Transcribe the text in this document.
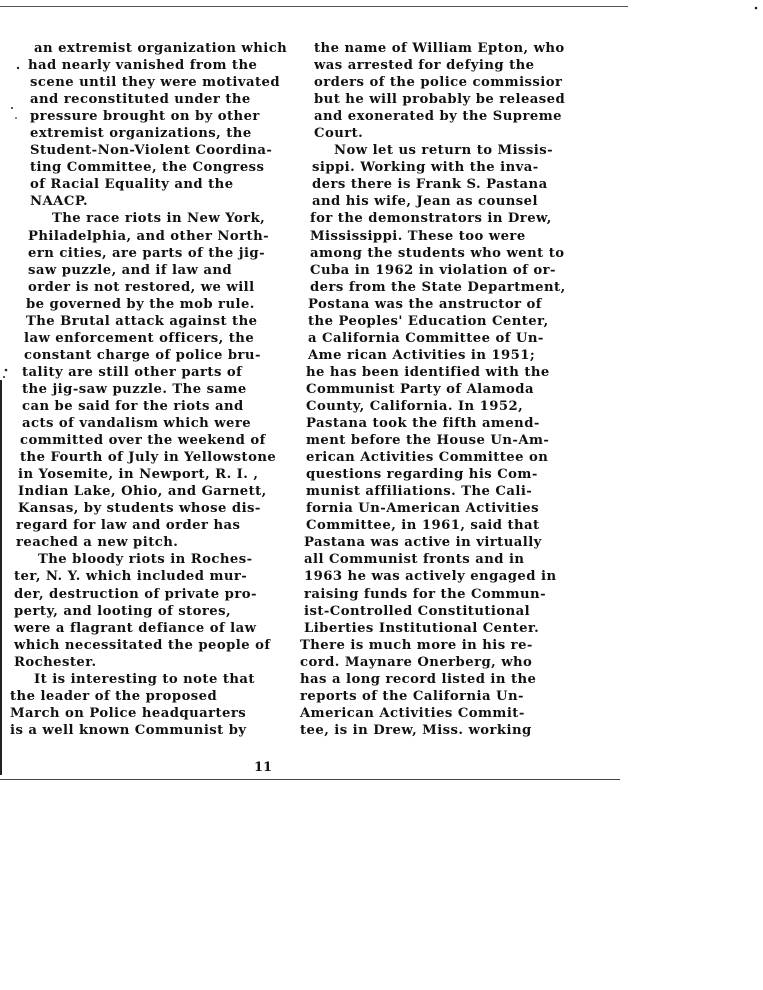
an extremist organization which
had nearly vanished from the
scene until they were motivated
and reconstituted under the
pressure brought on by other
extremist organizations, the
Student-Non-Violent Coordina-
ting Committee, the Congress
of Racial Equality and the
NAACP.
The race riots in New York,
Philadelphia, and other North-
ern cities, are parts of the jig-
saw puzzle, and if law and
order is not restored, we will
be governed by the mob rule.
The Brutal attack against the
law enforcement officers, the
constant charge of police bru-
tality are still other parts of
the jig-saw puzzle. The same
can be said for the riots and
acts of vandalism which were
committed over the weekend of
the Fourth of July in Yellowstone
in Yosemite, in Newport, R. I. ,
Indian Lake, Ohio, and Garnett,
Kansas, by students whose dis-
regard for law and order has
reached a new pitch.
The bloody riots in Roches-
ter, N. Y. which included mur-
der, destruction of private pro-
perty, and looting of stores,
were a flagrant defiance of law
which necessitated the people of
Rochester.
It is interesting to note that
the leader of the proposed
March on Police headquarters
is a well known Communist by
the name of William Epton, who
was arrested for defying the
orders of the police commissior
but he will probably be released
and exonerated by the Supreme
Court.
Now let us return to Missis-
sippi. Working with the inva-
ders there is Frank S. Pastana
and his wife, Jean as counsel
for the demonstrators in Drew,
Mississippi. These too were
among the students who went to
Cuba in 1962 in violation of or-
ders from the State Department,
Postana was the anstructor of
the Peoples' Education Center,
a California Committee of Un-
Ame rican Activities in 1951;
he has been identified with the
Communist Party of Alamoda
County, California. In 1952,
Pastana took the fifth amend-
ment before the House Un-Am-
erican Activities Committee on
questions regarding his Com-
munist affiliations. The Cali-
fornia Un-American Activities
Committee, in 1961, said that
Pastana was active in virtually
all Communist fronts and in
1963 he was actively engaged in
raising funds for the Commun-
ist-Controlled Constitutional
Liberties Institutional Center.
There is much more in his re-
cord. Maynare Onerberg, who
has a long record listed in the
reports of the California Un-
American Activities Commit-
tee, is in Drew, Miss. working
11
